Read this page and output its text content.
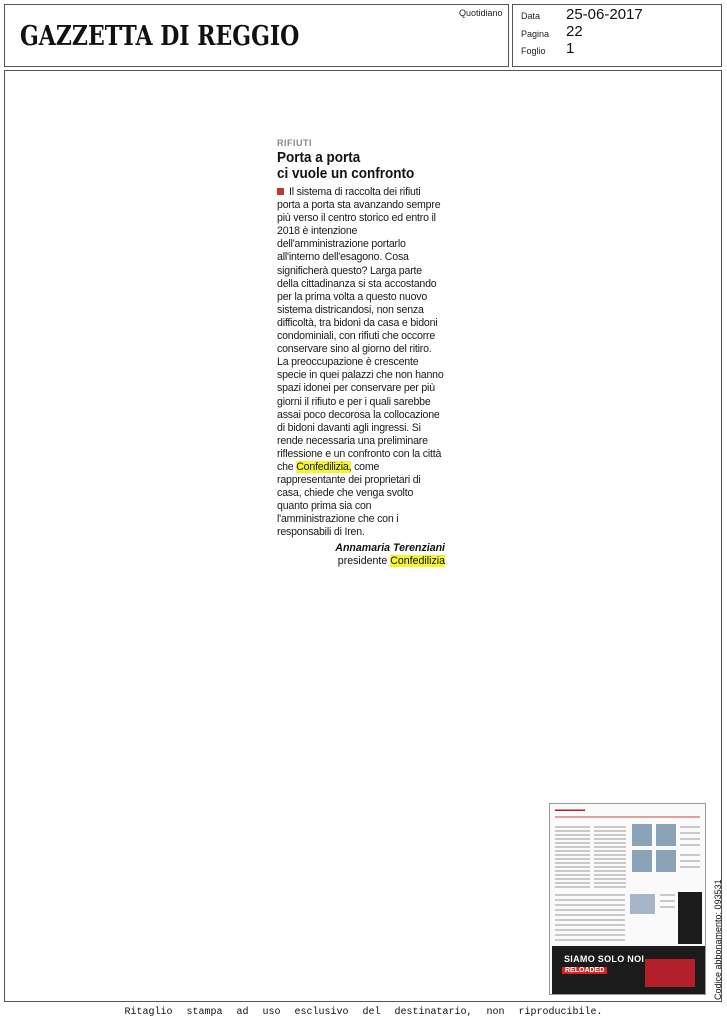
GAZZETTA DI REGGIO
Quotidiano Data 25-06-2017
Pagina 22
Foglio 1
RIFIUTI
Porta a porta
ci vuole un confronto

Il sistema di raccolta dei rifiuti porta a porta sta avanzando sempre più verso il centro storico ed entro il 2018 è intenzione dell'amministrazione portarlo all'interno dell'esagono. Cosa significherà questo? Larga parte della cittadinanza si sta accostando per la prima volta a questo nuovo sistema districandosi, non senza difficoltà, tra bidoni da casa e bidoni condominiali, con rifiuti che occorre conservare sino al giorno del ritiro. La preoccupazione è crescente specie in quei palazzi che non hanno spazi idonei per conservare per più giorni il rifiuto e per i quali sarebbe assai poco decorosa la collocazione di bidoni davanti agli ingressi. Si rende necessaria una preliminare riflessione e un confronto con la città che Confedilizia, come rappresentante dei proprietari di casa, chiede che venga svolto quanto prima sia con l'amministrazione che con i responsabili di Iren.

Annamaria Terenziani
presidente Confedilizia
▬▬▬▬▬▬
SIAMO SOLO NOI
RELOADED	Codice abbonamento: 093531
Ritaglio stampa ad uso esclusivo del destinatario, non riproducibile.
